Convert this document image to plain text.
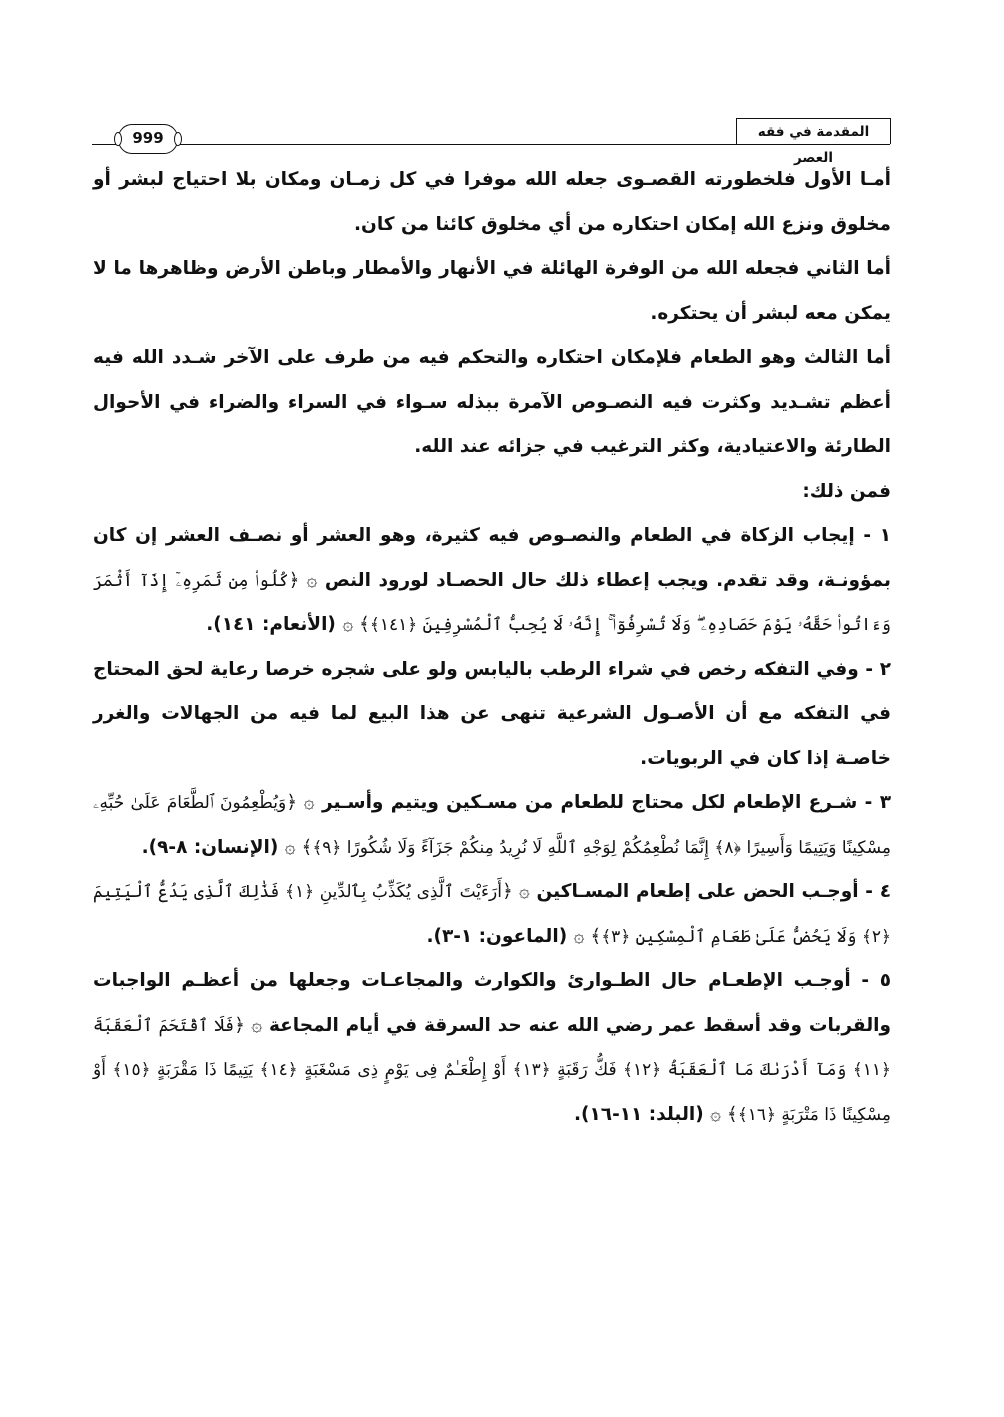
المقدمة في فقه العصر
999

أمـا الأول فلخطورته القصـوى جعله الله موفرا في كل زمـان ومكان بلا احتياج لبشر أو مخلوق ونزع الله إمكان احتكاره من أي مخلوق كائنا من كان.

أما الثاني فجعله الله من الوفرة الهائلة في الأنهار والأمطار وباطن الأرض وظاهرها ما لا يمكن معه لبشر أن يحتكره.

أما الثالث وهو الطعام فلإمكان احتكاره والتحكم فيه من طرف على الآخر شـدد الله فيه أعظم تشـديد وكثرت فيه النصـوص الآمرة ببذله سـواء في السراء والضراء في الأحوال الطارئة والاعتيادية، وكثر الترغيب في جزائه عند الله.

فمن ذلك:

١ - إيجاب الزكاة في الطعام والنصـوص فيه كثيرة، وهو العشر أو نصـف العشر إن كان بمؤونـة، وقد تقدم. ويجب إعطاء ذلك حال الحصـاد لورود النص ۞ ﴿كُلُوا۟ مِن ثَمَرِهِۦٓ إِذَآ أَثْمَرَ وَءَاتُوا۟ حَقَّهُۥ يَوْمَ حَصَادِهِۦ ۖ وَلَا تُسْرِفُوٓا۟ ۚ إِنَّهُۥ لَا يُحِبُّ ٱلْمُسْرِفِينَ ﴿١٤١﴾﴾ ۞ (الأنعام: ١٤١).

٢ - وفي التفكه رخص في شراء الرطب باليابس ولو على شجره خرصا رعاية لحق المحتاج في التفكه مع أن الأصـول الشرعية تنهى عن هذا البيع لما فيه من الجهالات والغرر خاصـة إذا كان في الربويات.

٣ - شـرع الإطعام لكل محتاج للطعام من مسـكين ويتيم وأسـير ۞ ﴿وَيُطْعِمُونَ ٱلطَّعَامَ عَلَىٰ حُبِّهِۦ مِسْكِينًا وَيَتِيمًا وَأَسِيرًا ﴿٨﴾ إِنَّمَا نُطْعِمُكُمْ لِوَجْهِ ٱللَّهِ لَا نُرِيدُ مِنكُمْ جَزَآءً وَلَا شُكُورًا ﴿٩﴾﴾ ۞ (الإنسان: ٨-٩).

٤ - أوجـب الحض على إطعام المسـاكين ۞ ﴿أَرَءَيْتَ ٱلَّذِى يُكَذِّبُ بِٱلدِّينِ ﴿١﴾ فَذَٰلِكَ ٱلَّذِى يَدُعُّ ٱلْيَتِيمَ ﴿٢﴾ وَلَا يَحُضُّ عَلَىٰ طَعَامِ ٱلْمِسْكِينِ ﴿٣﴾﴾ ۞ (الماعون: ١-٣).

٥ - أوجـب الإطعـام حال الطـوارئ والكوارث والمجاعـات وجعلها من أعظـم الواجبات والقربات وقد أسقط عمر رضي الله عنه حد السرقة في أيام المجاعة ۞ ﴿فَلَا ٱقْتَحَمَ ٱلْعَقَبَةَ ﴿١١﴾ وَمَآ أَدْرَىٰكَ مَا ٱلْعَقَبَةُ ﴿١٢﴾ فَكُّ رَقَبَةٍ ﴿١٣﴾ أَوْ إِطْعَـٰمٌ فِى يَوْمٍ ذِى مَسْغَبَةٍ ﴿١٤﴾ يَتِيمًا ذَا مَقْرَبَةٍ ﴿١٥﴾ أَوْ مِسْكِينًا ذَا مَتْرَبَةٍ ﴿١٦﴾﴾ ۞ (البلد: ١١-١٦).
